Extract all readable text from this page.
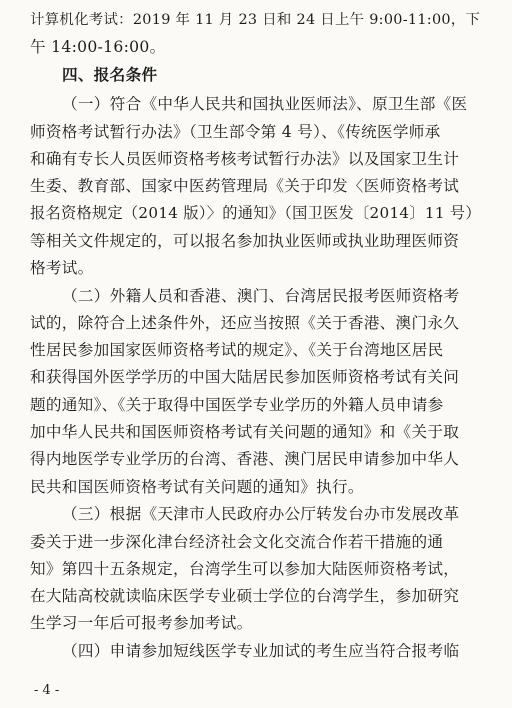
计算机化考试：2019 年 11 月 23 日和 24 日上午 9:00-11:00，下
午 14:00-16:00。
四、报名条件
（一）符合《中华人民共和国执业医师法》、原卫生部《医
师资格考试暂行办法》（卫生部令第 4 号）、《传统医学师承
和确有专长人员医师资格考核考试暂行办法》以及国家卫生计
生委、教育部、国家中医药管理局《关于印发〈医师资格考试
报名资格规定（2014 版）〉的通知》（国卫医发〔2014〕11 号）
等相关文件规定的，可以报名参加执业医师或执业助理医师资
格考试。
（二）外籍人员和香港、澳门、台湾居民报考医师资格考
试的，除符合上述条件外，还应当按照《关于香港、澳门永久
性居民参加国家医师资格考试的规定》、《关于台湾地区居民
和获得国外医学学历的中国大陆居民参加医师资格考试有关问
题的通知》、《关于取得中国医学专业学历的外籍人员申请参
加中华人民共和国医师资格考试有关问题的通知》和《关于取
得内地医学专业学历的台湾、香港、澳门居民申请参加中华人
民共和国医师资格考试有关问题的通知》执行。
（三）根据《天津市人民政府办公厅转发台办市发展改革
委关于进一步深化津台经济社会文化交流合作若干措施的通
知》第四十五条规定，台湾学生可以参加大陆医师资格考试，
在大陆高校就读临床医学专业硕士学位的台湾学生，参加研究
生学习一年后可报考参加考试。
（四）申请参加短线医学专业加试的考生应当符合报考临
- 4 -
